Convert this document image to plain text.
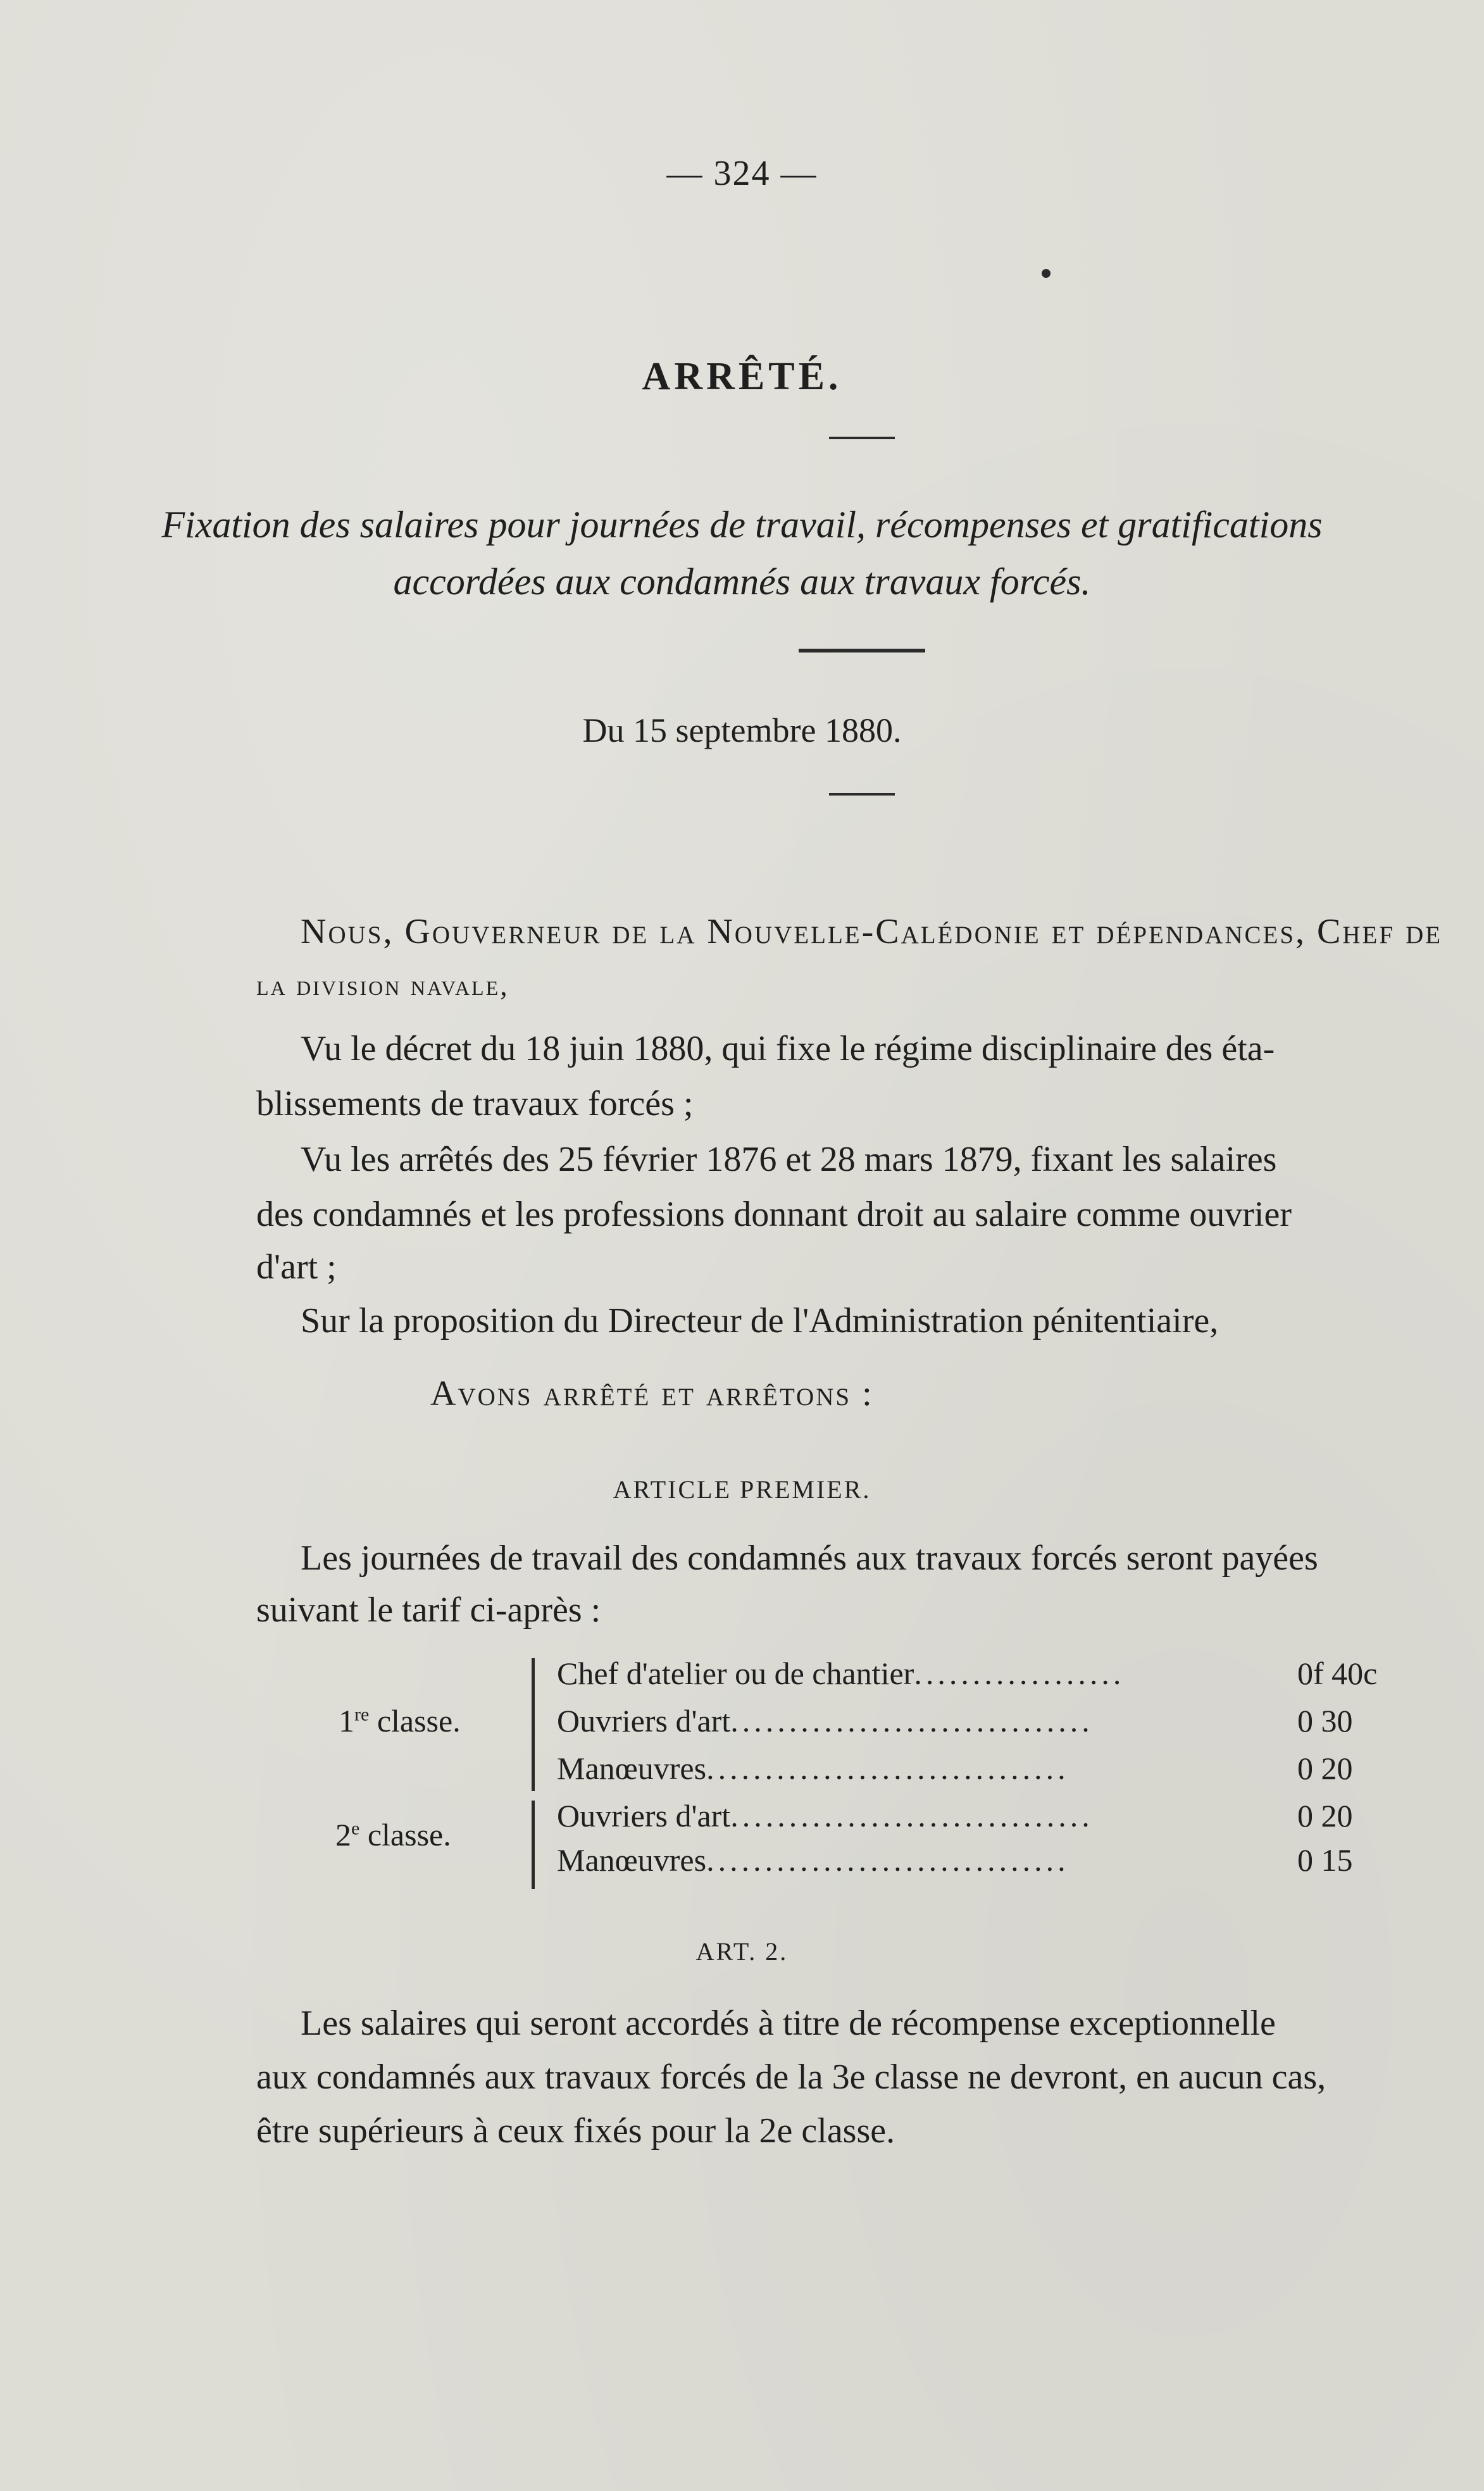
— 324 —
ARRÊTÉ.
Fixation des salaires pour journées de travail, récompenses et gratifications
accordées aux condamnés aux travaux forcés.
Du 15 septembre 1880.
Nous, Gouverneur de la Nouvelle-Calédonie et dépendances, Chef de
la division navale,
Vu le décret du 18 juin 1880, qui fixe le régime disciplinaire des éta-
blissements de travaux forcés ;
Vu les arrêtés des 25 février 1876 et 28 mars 1879, fixant les salaires
des condamnés et les professions donnant droit au salaire comme ouvrier
d'art ;
Sur la proposition du Directeur de l'Administration pénitentiaire,
Avons arrêté et arrêtons :
ARTICLE PREMIER.
Les journées de travail des condamnés aux travaux forcés seront payées
suivant le tarif ci-après :
1re classe.
Chef d'atelier ou de chantier..................	0f 40c
Ouvriers d'art...............................	0 30
Manœuvres...............................	0 20
2e classe.
Ouvriers d'art...............................	0 20
Manœuvres...............................	0 15
ART. 2.
Les salaires qui seront accordés à titre de récompense exceptionnelle
aux condamnés aux travaux forcés de la 3e classe ne devront, en aucun cas,
être supérieurs à ceux fixés pour la 2e classe.
